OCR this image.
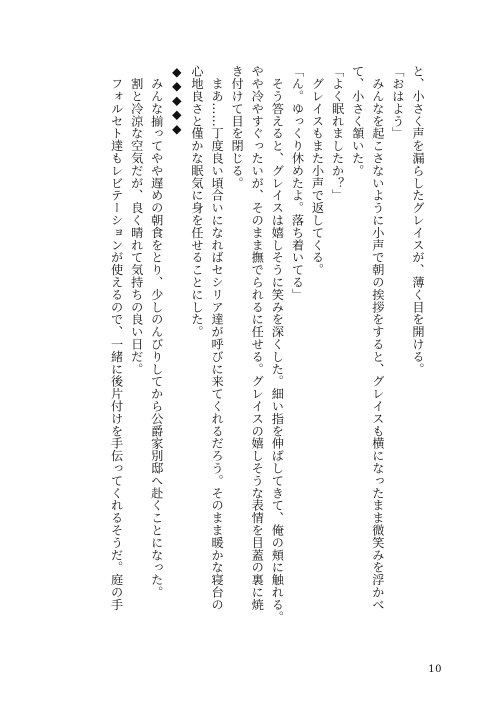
と、小さく声を漏らしたグレイスが、薄く目を開ける。
「おはよう」
　みんなを起こさないように小声で朝の挨拶をすると、グレイスも横になったまま微笑みを浮かべ
て、小さく頷いた。
「よく眠れましたか？」
　グレイスもまた小声で返してくる。
「ん。ゆっくり休めたよ。落ち着いてる」
　そう答えると、グレイスは嬉しそうに笑みを深くした。細い指を伸ばしてきて、俺の頬に触れる。
やや冷やすぐったいが、そのまま撫でられるに任せる。グレイスの嬉しそうな表情を目蓋の裏に焼
き付けて目を閉じる。
　まあ……丁度良い頃合いになればセシリア達が呼びに来てくれるだろう。そのまま暖かな寝台の
心地良さと僅かな眠気に身を任せることにした。
◆◆◆◆◆
　みんな揃ってやや遅めの朝食をとり、少しのんびりしてから公爵家別邸へ赴くことになった。
　割と冷涼な空気だが、良く晴れて気持ちの良い日だ。
　フォルセト達もレビテーションが使えるので、一緒に後片付けを手伝ってくれるそうだ。庭の手
10
